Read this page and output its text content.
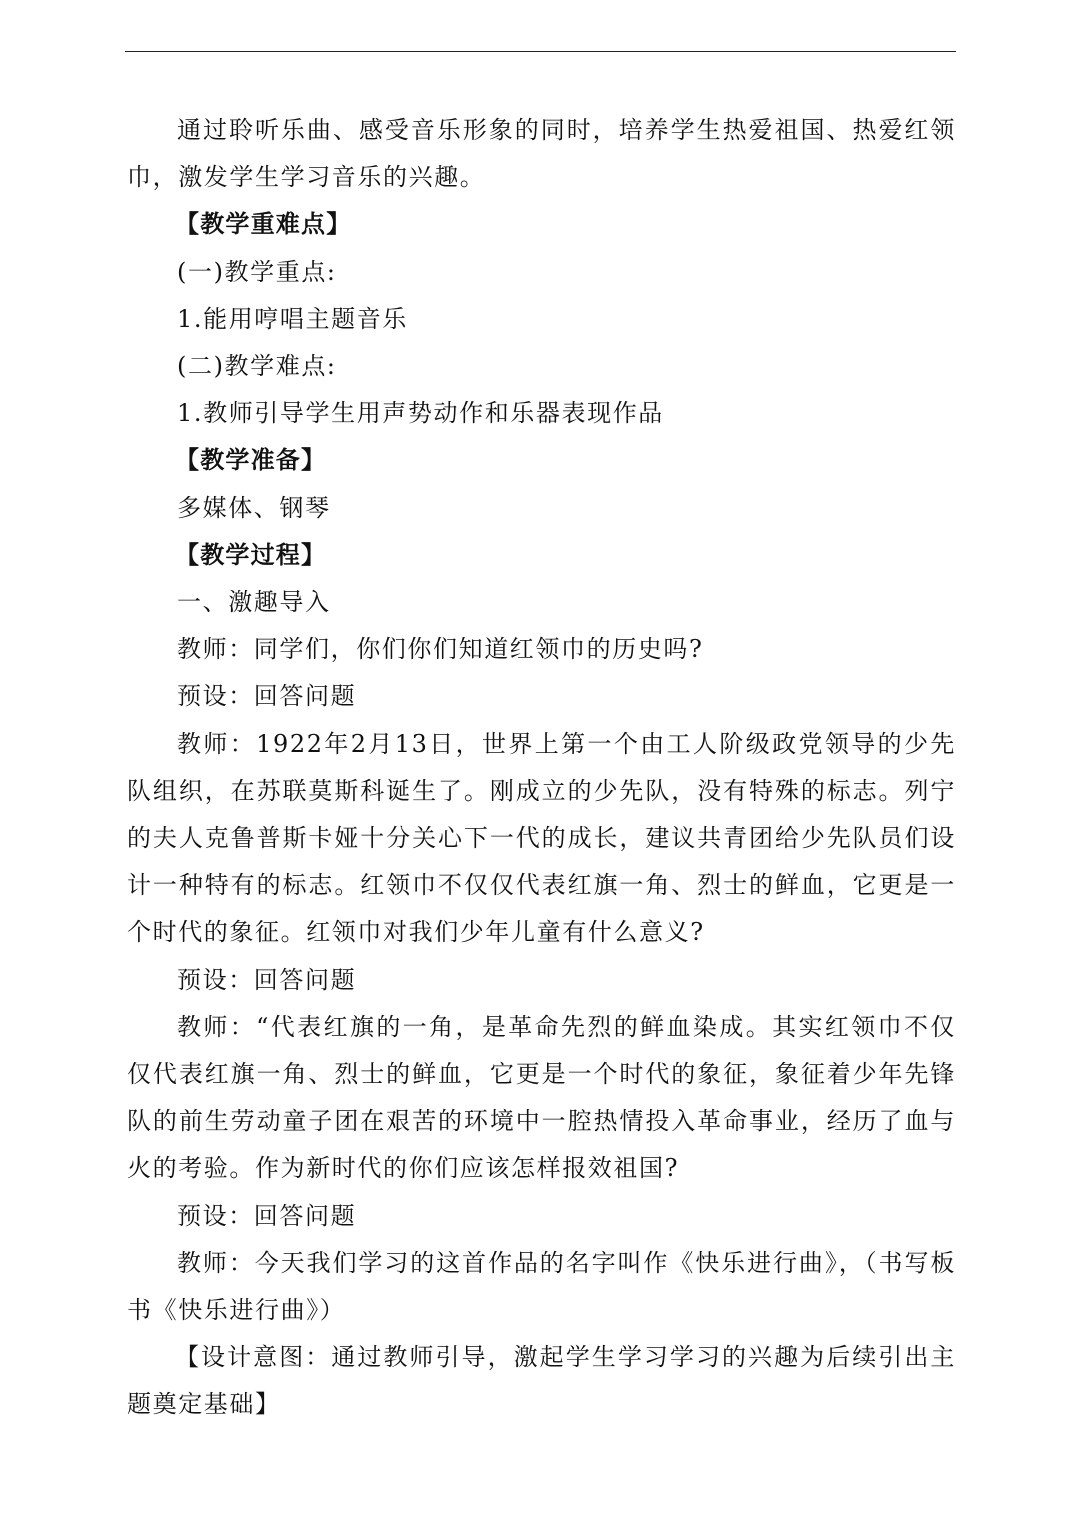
通过聆听乐曲、感受音乐形象的同时，培养学生热爱祖国、热爱红领巾，激发学生学习音乐的兴趣。

【教学重难点】

(一)教学重点:

1.能用哼唱主题音乐

(二)教学难点:

1.教师引导学生用声势动作和乐器表现作品

【教学准备】

多媒体、钢琴

【教学过程】

一、激趣导入

教师：同学们，你们你们知道红领巾的历史吗?

预设：回答问题

教师：1922年2月13日，世界上第一个由工人阶级政党领导的少先队组织，在苏联莫斯科诞生了。刚成立的少先队，没有特殊的标志。列宁的夫人克鲁普斯卡娅十分关心下一代的成长，建议共青团给少先队员们设计一种特有的标志。红领巾不仅仅代表红旗一角、烈士的鲜血，它更是一个时代的象征。红领巾对我们少年儿童有什么意义?

预设：回答问题

教师：“代表红旗的一角，是革命先烈的鲜血染成。其实红领巾不仅仅代表红旗一角、烈士的鲜血，它更是一个时代的象征，象征着少年先锋队的前生劳动童子团在艰苦的环境中一腔热情投入革命事业，经历了血与火的考验。作为新时代的你们应该怎样报效祖国?

预设：回答问题

教师：今天我们学习的这首作品的名字叫作《快乐进行曲》，（书写板书《快乐进行曲》）

【设计意图：通过教师引导，激起学生学习学习的兴趣为后续引出主题奠定基础】
